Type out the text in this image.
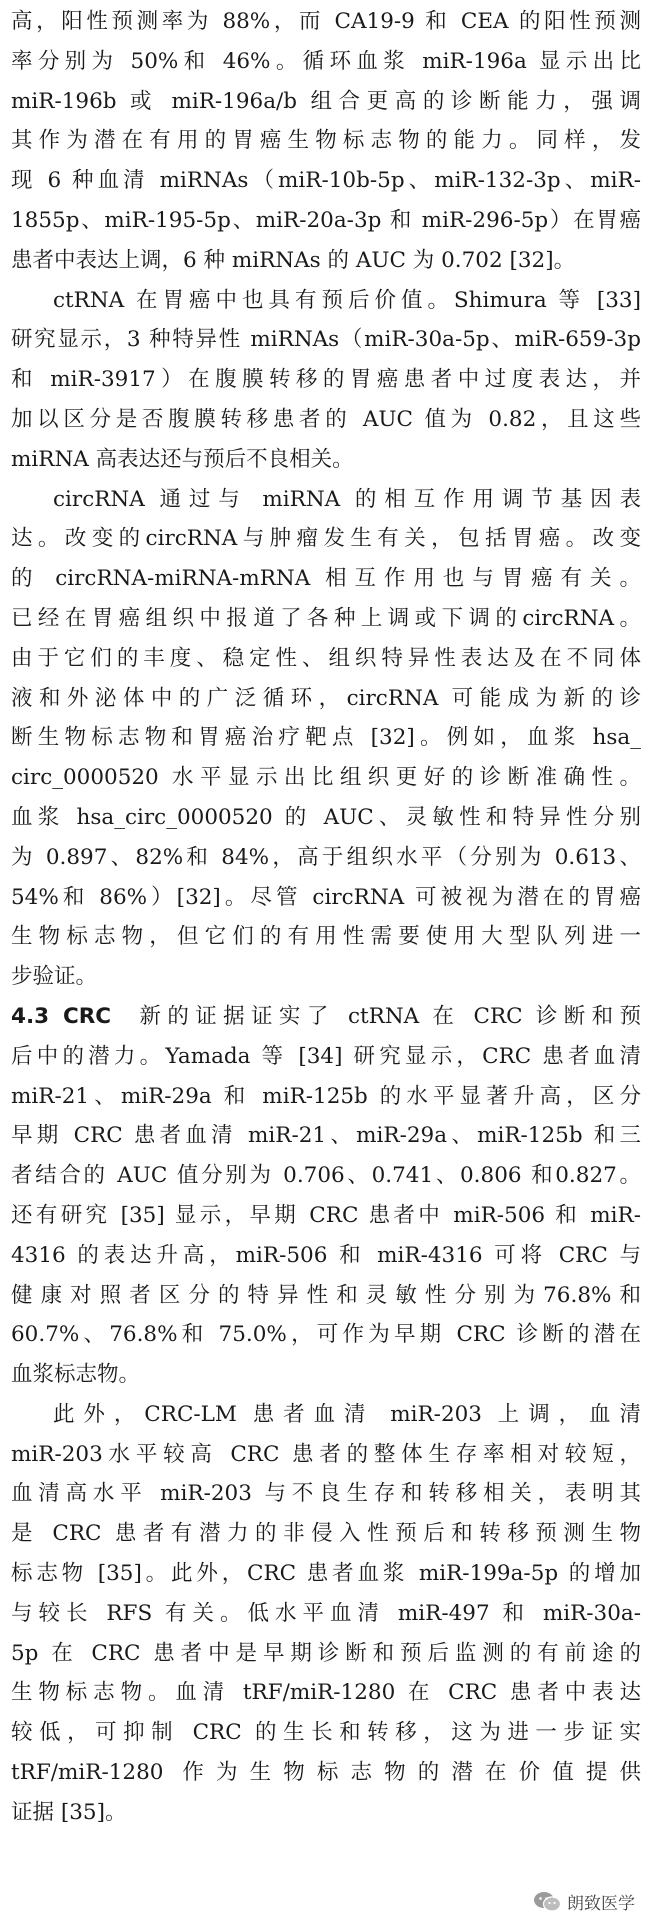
高，阳性预测率为 88%，而 CA19-9 和 CEA 的阳性预测
率分别为 50%和 46%。循环血浆 miR-196a 显示出比
miR-196b 或 miR-196a/b 组合更高的诊断能力，强调
其作为潜在有用的胃癌生物标志物的能力。同样，发
现 6 种血清 miRNAs（miR-10b-5p、miR-132-3p、miR-
1855p、miR-195-5p、miR-20a-3p 和 miR-296-5p）在胃癌
患者中表达上调，6 种 miRNAs 的 AUC 为 0.702 [32]。
ctRNA 在胃癌中也具有预后价值。Shimura 等 [33]
研究显示，3 种特异性 miRNAs（miR-30a-5p、miR-659-3p
和 miR-3917）在腹膜转移的胃癌患者中过度表达，并
加以区分是否腹膜转移患者的 AUC 值为 0.82，且这些
miRNA 高表达还与预后不良相关。
circRNA 通过与 miRNA 的相互作用调节基因表
达。改变的circRNA与肿瘤发生有关，包括胃癌。改变
的 circRNA-miRNA-mRNA 相互作用也与胃癌有关。
已经在胃癌组织中报道了各种上调或下调的circRNA。
由于它们的丰度、稳定性、组织特异性表达及在不同体
液和外泌体中的广泛循环，circRNA 可能成为新的诊
断生物标志物和胃癌治疗靶点 [32]。例如，血浆 hsa_
circ_0000520 水平显示出比组织更好的诊断准确性。
血浆 hsa_circ_0000520 的 AUC、灵敏性和特异性分别
为 0.897、82%和 84%，高于组织水平（分别为 0.613、
54%和 86%）[32]。尽管 circRNA 可被视为潜在的胃癌
生物标志物，但它们的有用性需要使用大型队列进一
步验证。
4.3 CRC 新的证据证实了 ctRNA 在 CRC 诊断和预
后中的潜力。Yamada 等 [34] 研究显示，CRC 患者血清
miR-21、miR-29a 和 miR-125b 的水平显著升高，区分
早期 CRC 患者血清 miR-21、miR-29a、miR-125b 和三
者结合的 AUC 值分别为 0.706、0.741、0.806 和0.827。
还有研究 [35] 显示，早期 CRC 患者中 miR-506 和 miR-
4316 的表达升高，miR-506 和 miR-4316 可将 CRC 与
健康对照者区分的特异性和灵敏性分别为76.8%和
60.7%、76.8%和 75.0%，可作为早期 CRC 诊断的潜在
血浆标志物。
此外，CRC-LM 患者血清 miR-203 上调，血清
miR-203水平较高 CRC 患者的整体生存率相对较短，
血清高水平 miR-203 与不良生存和转移相关，表明其
是 CRC 患者有潜力的非侵入性预后和转移预测生物
标志物 [35]。此外，CRC 患者血浆 miR-199a-5p 的增加
与较长 RFS 有关。低水平血清 miR-497 和 miR-30a-
5p 在 CRC 患者中是早期诊断和预后监测的有前途的
生物标志物。血清 tRF/miR-1280 在 CRC 患者中表达
较低，可抑制 CRC 的生长和转移，这为进一步证实
tRF/miR-1280 作为生物标志物的潜在价值提供
证据 [35]。
朗致医学
